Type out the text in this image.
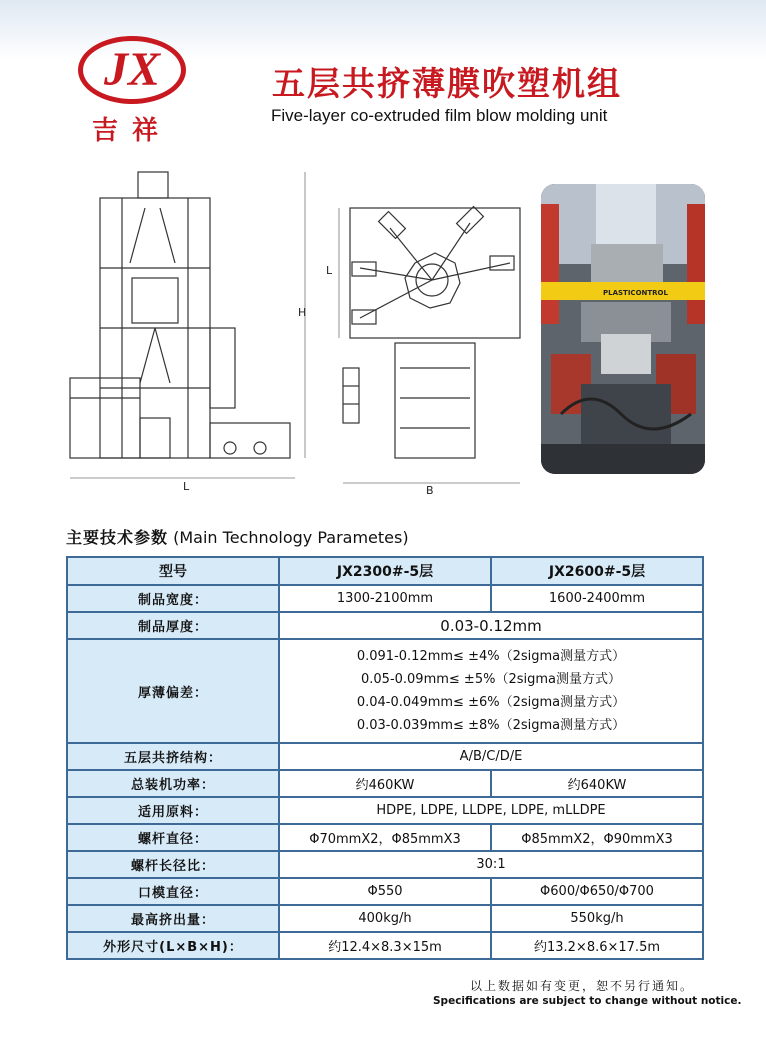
JX
吉祥
五层共挤薄膜吹塑机组
Five-layer co-extruded film blow molding unit
H
L
L
B
PLASTICONTROL
主要技术参数 (Main Technology Parametes)
型号	JX2300#-5层	JX2600#-5层
制品宽度：	1300-2100mm	1600-2400mm
制品厚度：	0.03-0.12mm	
厚薄偏差：	0.091-0.12mm≤ ±4%（2sigma测量方式）
0.05-0.09mm≤ ±5%（2sigma测量方式）
0.04-0.049mm≤ ±6%（2sigma测量方式）
0.03-0.039mm≤ ±8%（2sigma测量方式）	

五层共挤结构：	A/B/C/D/E	
总装机功率：	约460KW	约640KW
适用原料：	HDPE, LDPE, LLDPE, LDPE, mLLDPE	
螺杆直径：	Φ70mmX2，Φ85mmX3	Φ85mmX2，Φ90mmX3
螺杆长径比：	30:1	
口模直径：	Φ550	Φ600/Φ650/Φ700
最高挤出量：	400kg/h	550kg/h
外形尺寸(L×B×H)：	约12.4×8.3×15m	约13.2×8.6×17.5m
以上数据如有变更，恕不另行通知。
Specifications are subject to change without notice.
